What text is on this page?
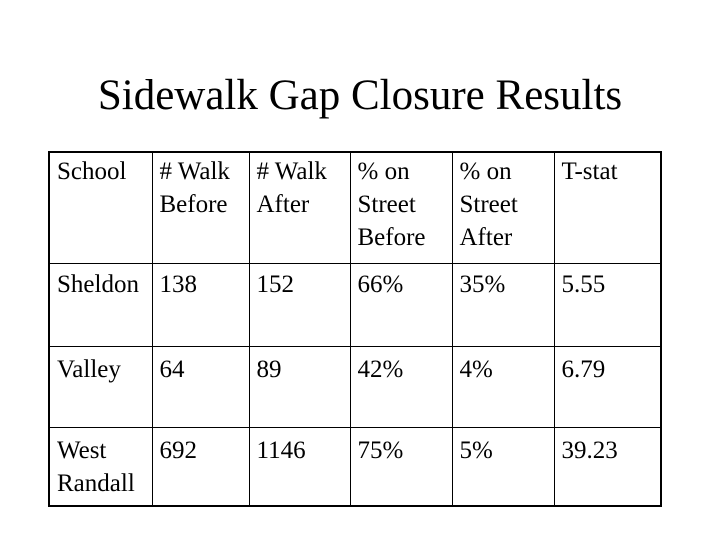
Sidewalk Gap Closure Results
School	# Walk Before	# Walk After	% on Street Before	% on Street After	T-stat
Sheldon	138	152	66%	35%	5.55
Valley	64	89	42%	4%	6.79
West Randall	692	1146	75%	5%	39.23
